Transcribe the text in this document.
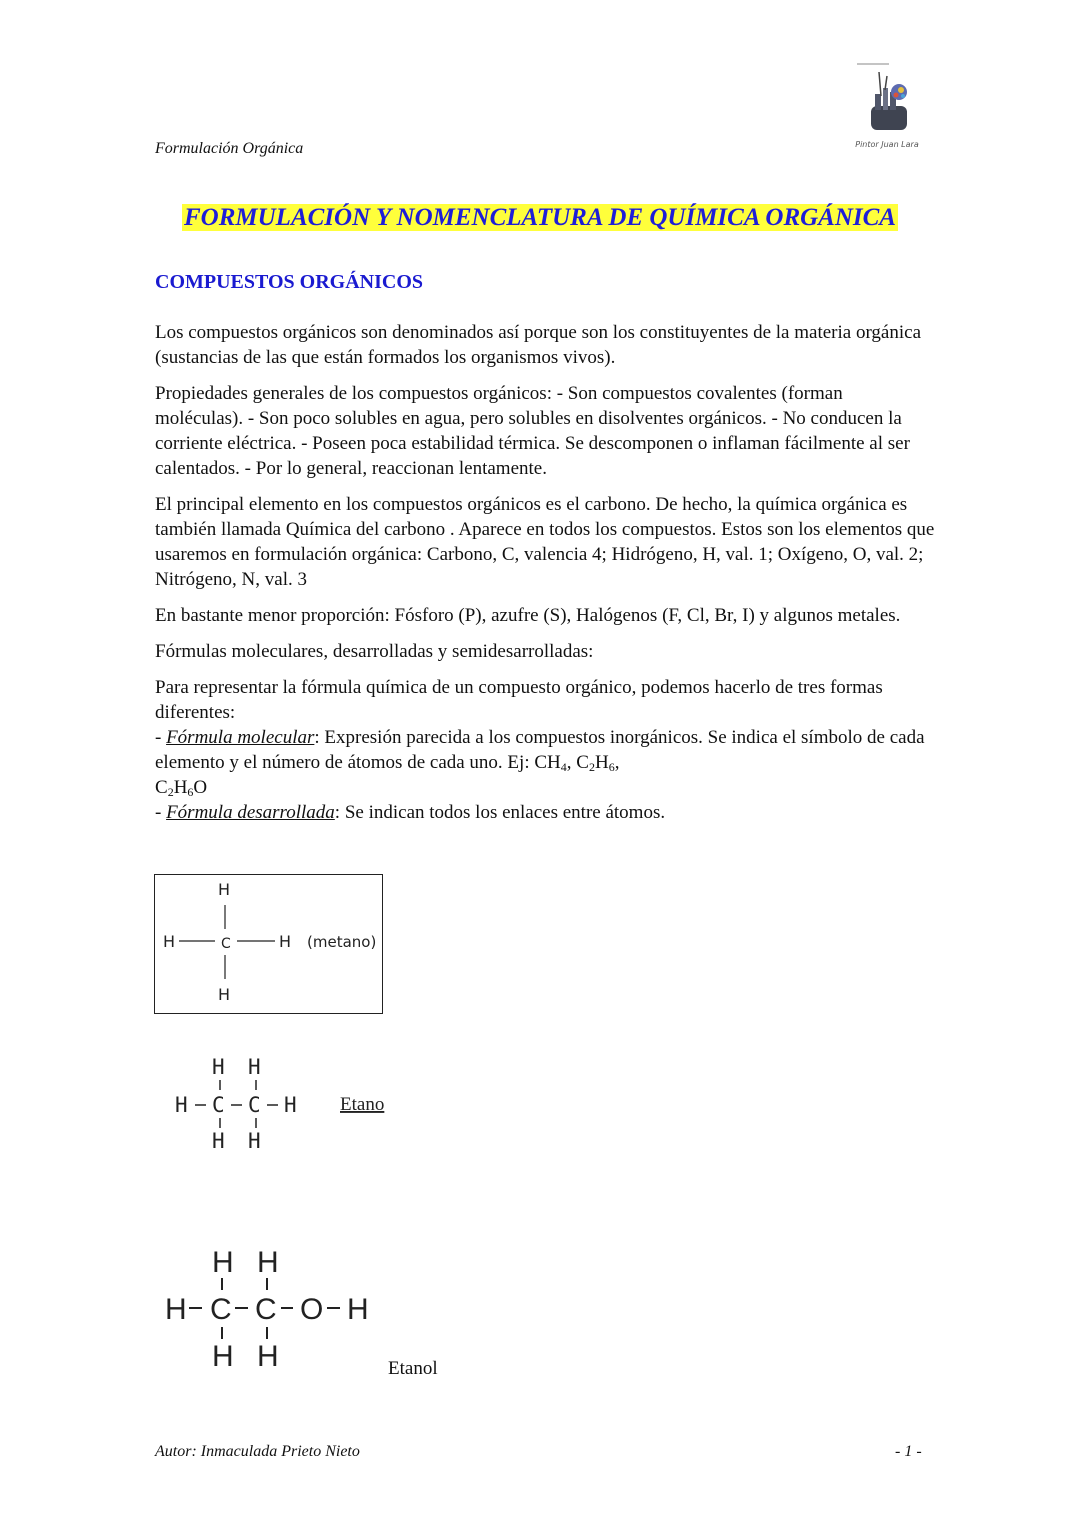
Formulación Orgánica	Pintor Juan Lara
FORMULACIÓN Y NOMENCLATURA DE QUÍMICA ORGÁNICA
COMPUESTOS ORGÁNICOS

Los compuestos orgánicos son denominados así porque son los constituyentes de la materia orgánica (sustancias de las que están formados los organismos vivos).

Propiedades generales de los compuestos orgánicos: - Son compuestos covalentes (forman moléculas). - Son poco solubles en agua, pero solubles en disolventes orgánicos. - No conducen la corriente eléctrica. - Poseen poca estabilidad térmica. Se descomponen o inflaman fácilmente al ser calentados. - Por lo general, reaccionan lentamente.

El principal elemento en los compuestos orgánicos es el carbono. De hecho, la química orgánica es también llamada Química del carbono . Aparece en todos los compuestos. Estos son los elementos que usaremos en formulación orgánica: Carbono, C, valencia 4; Hidrógeno, H, val. 1; Oxígeno, O, val. 2; Nitrógeno, N, val. 3

En bastante menor proporción: Fósforo (P), azufre (S), Halógenos (F, Cl, Br, I) y algunos metales.

Fórmulas moleculares, desarrolladas y semidesarrolladas:

Para representar la fórmula química de un compuesto orgánico, podemos hacerlo de tres formas diferentes:
- Fórmula molecular: Expresión parecida a los compuestos inorgánicos. Se indica el símbolo de cada elemento y el número de átomos de cada uno. Ej: $CH_4$, $C_2H_6$,
$C_2H_6O$
- Fórmula desarrollada: Se indican todos los enlaces entre átomos.

H
H	C	H
H
(metano)
H H
H C C H
H H
Etano
H H
H C C O H
H H	Etanol
Autor: Inmaculada Prieto Nieto	- 1 -
